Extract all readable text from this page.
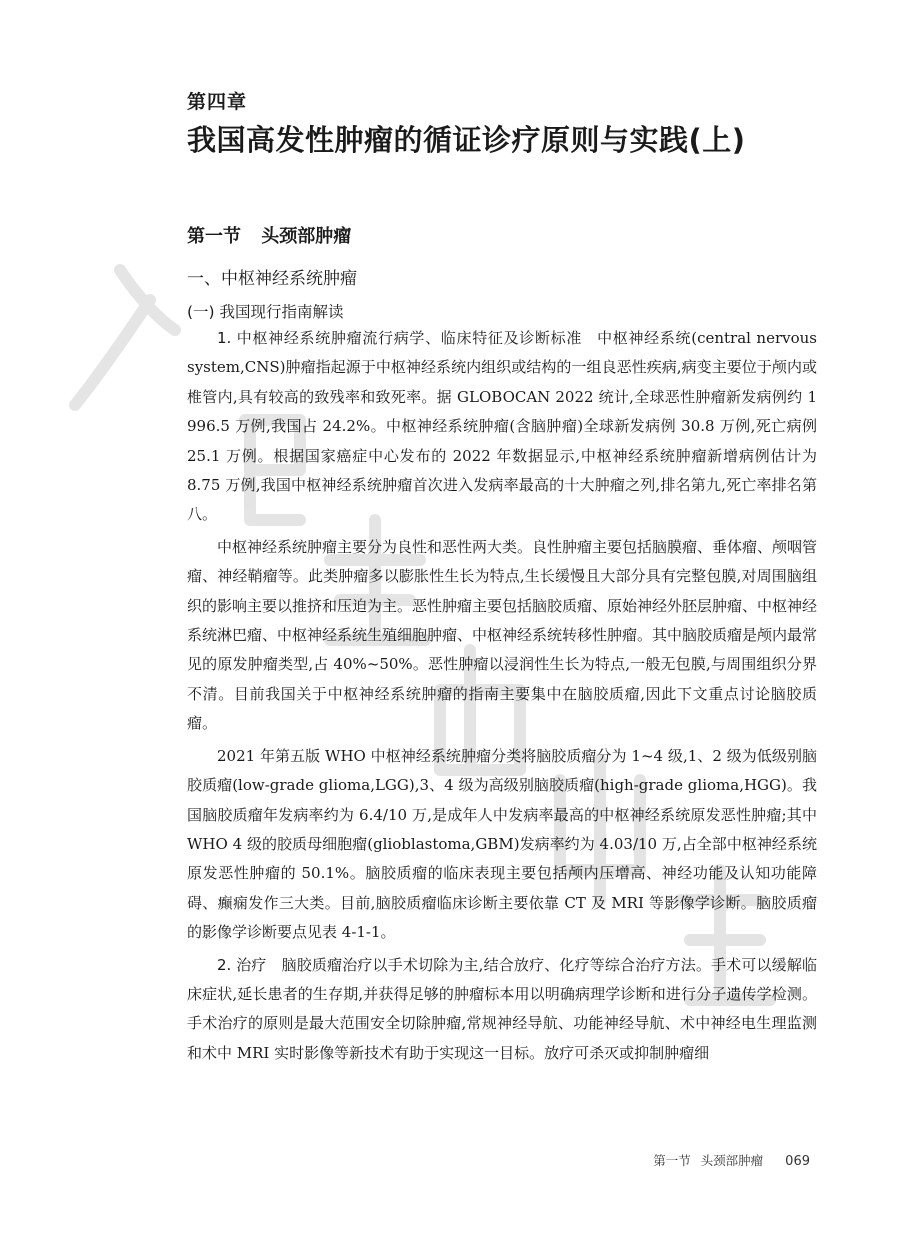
第四章
我国高发性肿瘤的循证诊疗原则与实践(上)
第一节 头颈部肿瘤
一、中枢神经系统肿瘤
(一) 我国现行指南解读

1. 中枢神经系统肿瘤流行病学、临床特征及诊断标准 中枢神经系统(central nervous system,CNS)肿瘤指起源于中枢神经系统内组织或结构的一组良恶性疾病,病变主要位于颅内或椎管内,具有较高的致残率和致死率。据 GLOBOCAN 2022 统计,全球恶性肿瘤新发病例约 1 996.5 万例,我国占 24.2%。中枢神经系统肿瘤(含脑肿瘤)全球新发病例 30.8 万例,死亡病例 25.1 万例。根据国家癌症中心发布的 2022 年数据显示,中枢神经系统肿瘤新增病例估计为 8.75 万例,我国中枢神经系统肿瘤首次进入发病率最高的十大肿瘤之列,排名第九,死亡率排名第八。

中枢神经系统肿瘤主要分为良性和恶性两大类。良性肿瘤主要包括脑膜瘤、垂体瘤、颅咽管瘤、神经鞘瘤等。此类肿瘤多以膨胀性生长为特点,生长缓慢且大部分具有完整包膜,对周围脑组织的影响主要以推挤和压迫为主。恶性肿瘤主要包括脑胶质瘤、原始神经外胚层肿瘤、中枢神经系统淋巴瘤、中枢神经系统生殖细胞肿瘤、中枢神经系统转移性肿瘤。其中脑胶质瘤是颅内最常见的原发肿瘤类型,占 40%~50%。恶性肿瘤以浸润性生长为特点,一般无包膜,与周围组织分界不清。目前我国关于中枢神经系统肿瘤的指南主要集中在脑胶质瘤,因此下文重点讨论脑胶质瘤。

2021 年第五版 WHO 中枢神经系统肿瘤分类将脑胶质瘤分为 1~4 级,1、2 级为低级别脑胶质瘤(low-grade glioma,LGG),3、4 级为高级别脑胶质瘤(high-grade glioma,HGG)。我国脑胶质瘤年发病率约为 6.4/10 万,是成年人中发病率最高的中枢神经系统原发恶性肿瘤;其中 WHO 4 级的胶质母细胞瘤(glioblastoma,GBM)发病率约为 4.03/10 万,占全部中枢神经系统原发恶性肿瘤的 50.1%。脑胶质瘤的临床表现主要包括颅内压增高、神经功能及认知功能障碍、癫痫发作三大类。目前,脑胶质瘤临床诊断主要依靠 CT 及 MRI 等影像学诊断。脑胶质瘤的影像学诊断要点见表 4-1-1。

2. 治疗 脑胶质瘤治疗以手术切除为主,结合放疗、化疗等综合治疗方法。手术可以缓解临床症状,延长患者的生存期,并获得足够的肿瘤标本用以明确病理学诊断和进行分子遗传学检测。手术治疗的原则是最大范围安全切除肿瘤,常规神经导航、功能神经导航、术中神经电生理监测和术中 MRI 实时影像等新技术有助于实现这一目标。放疗可杀灭或抑制肿瘤细

第一节 头颈部肿瘤 069
